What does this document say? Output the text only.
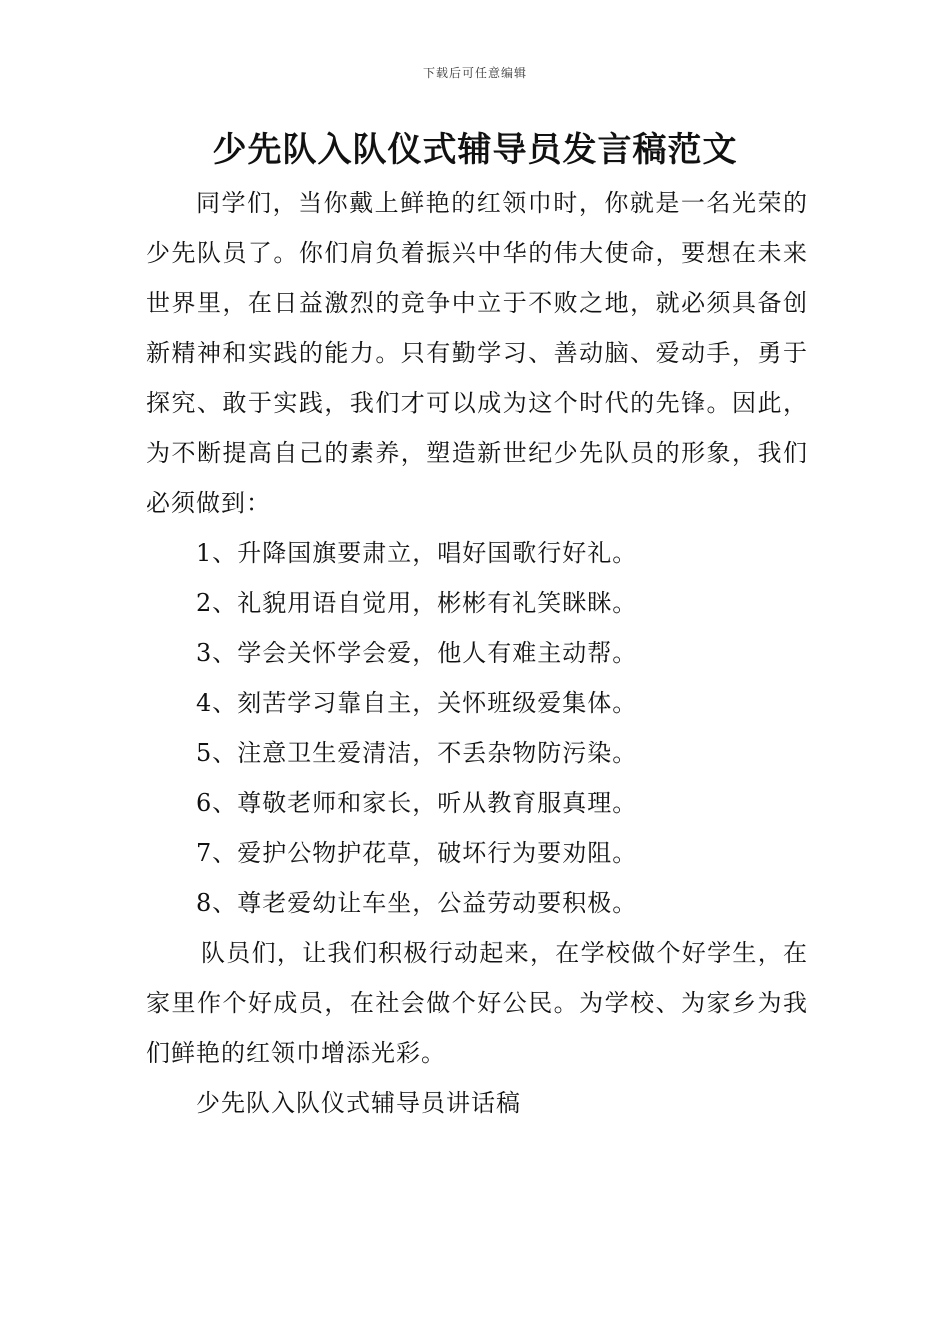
下载后可任意编辑
少先队入队仪式辅导员发言稿范文

同学们，当你戴上鲜艳的红领巾时，你就是一名光荣的少先队员了。你们肩负着振兴中华的伟大使命，要想在未来世界里，在日益激烈的竞争中立于不败之地，就必须具备创新精神和实践的能力。只有勤学习、善动脑、爱动手，勇于探究、敢于实践，我们才可以成为这个时代的先锋。因此，为不断提高自己的素养，塑造新世纪少先队员的形象，我们必须做到：

1、升降国旗要肃立，唱好国歌行好礼。

2、礼貌用语自觉用，彬彬有礼笑眯眯。

3、学会关怀学会爱，他人有难主动帮。

4、刻苦学习靠自主，关怀班级爱集体。

5、注意卫生爱清洁，不丢杂物防污染。

6、尊敬老师和家长，听从教育服真理。

7、爱护公物护花草，破坏行为要劝阻。

8、尊老爱幼让车坐，公益劳动要积极。

队员们，让我们积极行动起来，在学校做个好学生，在家里作个好成员，在社会做个好公民。为学校、为家乡为我们鲜艳的红领巾增添光彩。

少先队入队仪式辅导员讲话稿
